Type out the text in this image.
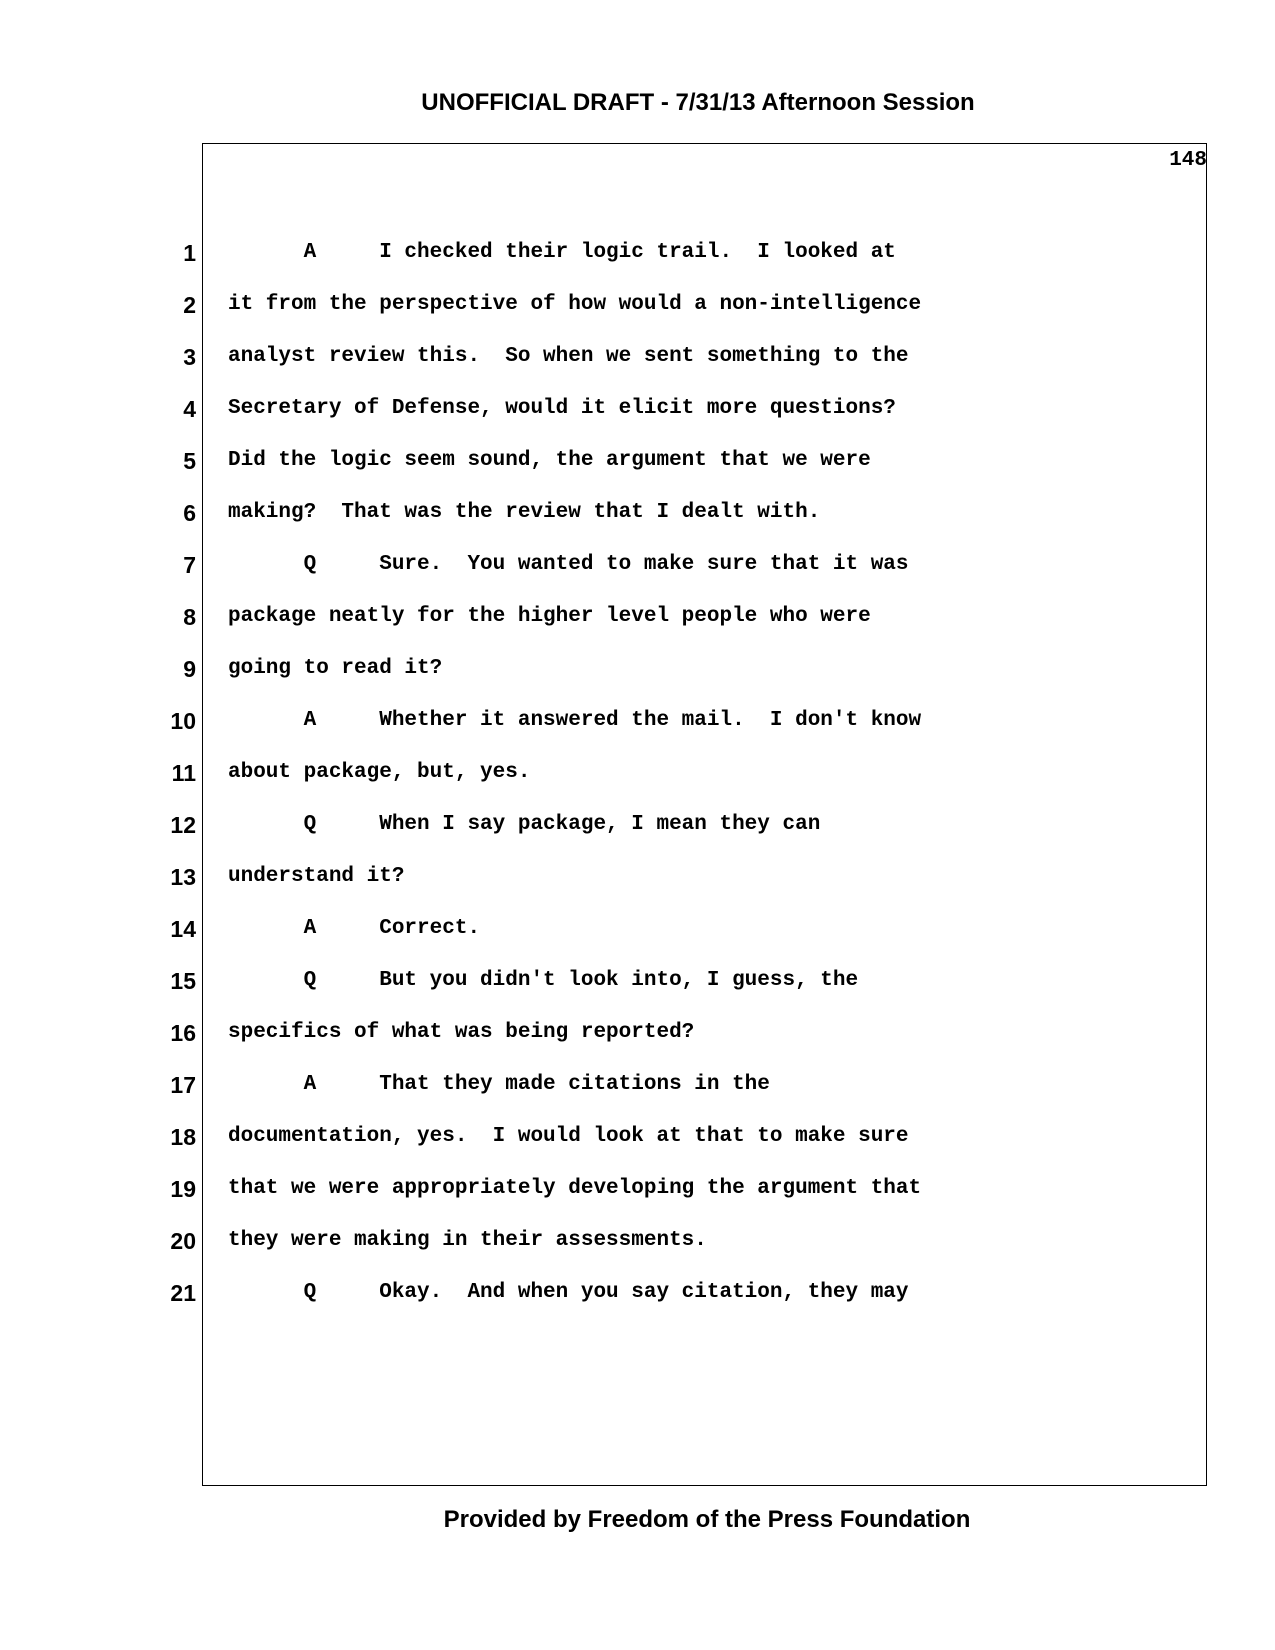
UNOFFICIAL DRAFT - 7/31/13 Afternoon Session
148
1 A     I checked their logic trail.  I looked at
2 it from the perspective of how would a non-intelligence
3 analyst review this.  So when we sent something to the
4 Secretary of Defense, would it elicit more questions?
5 Did the logic seem sound, the argument that we were
6 making?  That was the review that I dealt with.
7 Q     Sure.  You wanted to make sure that it was
8 package neatly for the higher level people who were
9 going to read it?
10 A     Whether it answered the mail.  I don't know
11 about package, but, yes.
12 Q     When I say package, I mean they can
13 understand it?
14 A     Correct.
15 Q     But you didn't look into, I guess, the
16 specifics of what was being reported?
17 A     That they made citations in the
18 documentation, yes.  I would look at that to make sure
19 that we were appropriately developing the argument that
20 they were making in their assessments.
21 Q     Okay.  And when you say citation, they may
Provided by Freedom of the Press Foundation
